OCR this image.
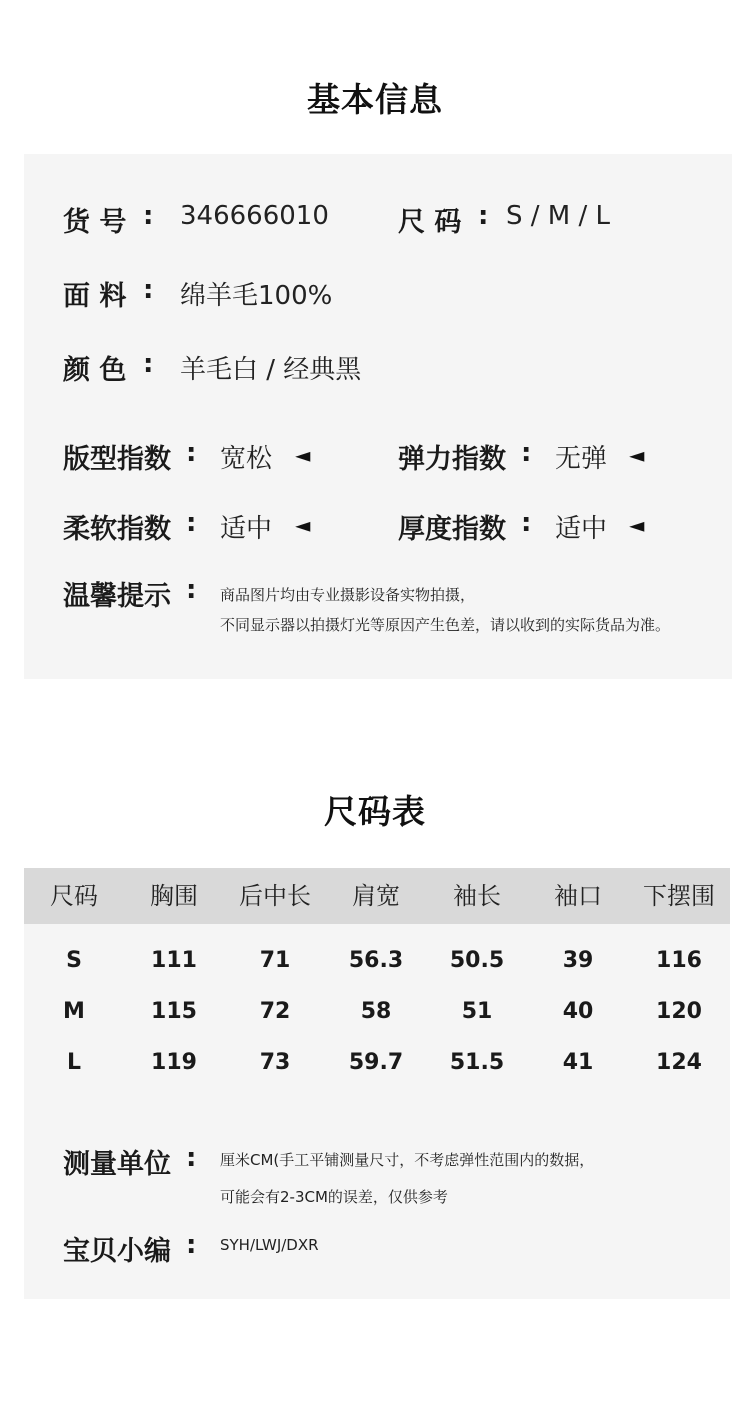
基本信息
货 号 : 346666010	尺 码 : S / M / L
面 料 : 绵羊毛100%
颜 色 : 羊毛白 / 经典黑
版型指数 : 宽松 ◄	弹力指数 : 无弹 ◄
柔软指数 : 适中 ◄	厚度指数 : 适中 ◄
温馨提示 : 商品图片均由专业摄影设备实物拍摄，
不同显示器以拍摄灯光等原因产生色差，请以收到的实际货品为准。
尺码表
尺码	胸围	后中长	肩宽	袖长	袖口	下摆围
S	111	71	56.3	50.5	39	116
M	115	72	58	51	40	120
L	119	73	59.7	51.5	41	124
测量单位 : 厘米CM(手工平铺测量尺寸，不考虑弹性范围内的数据，
可能会有2-3CM的误差，仅供参考
宝贝小编 : SYH/LWJ/DXR
